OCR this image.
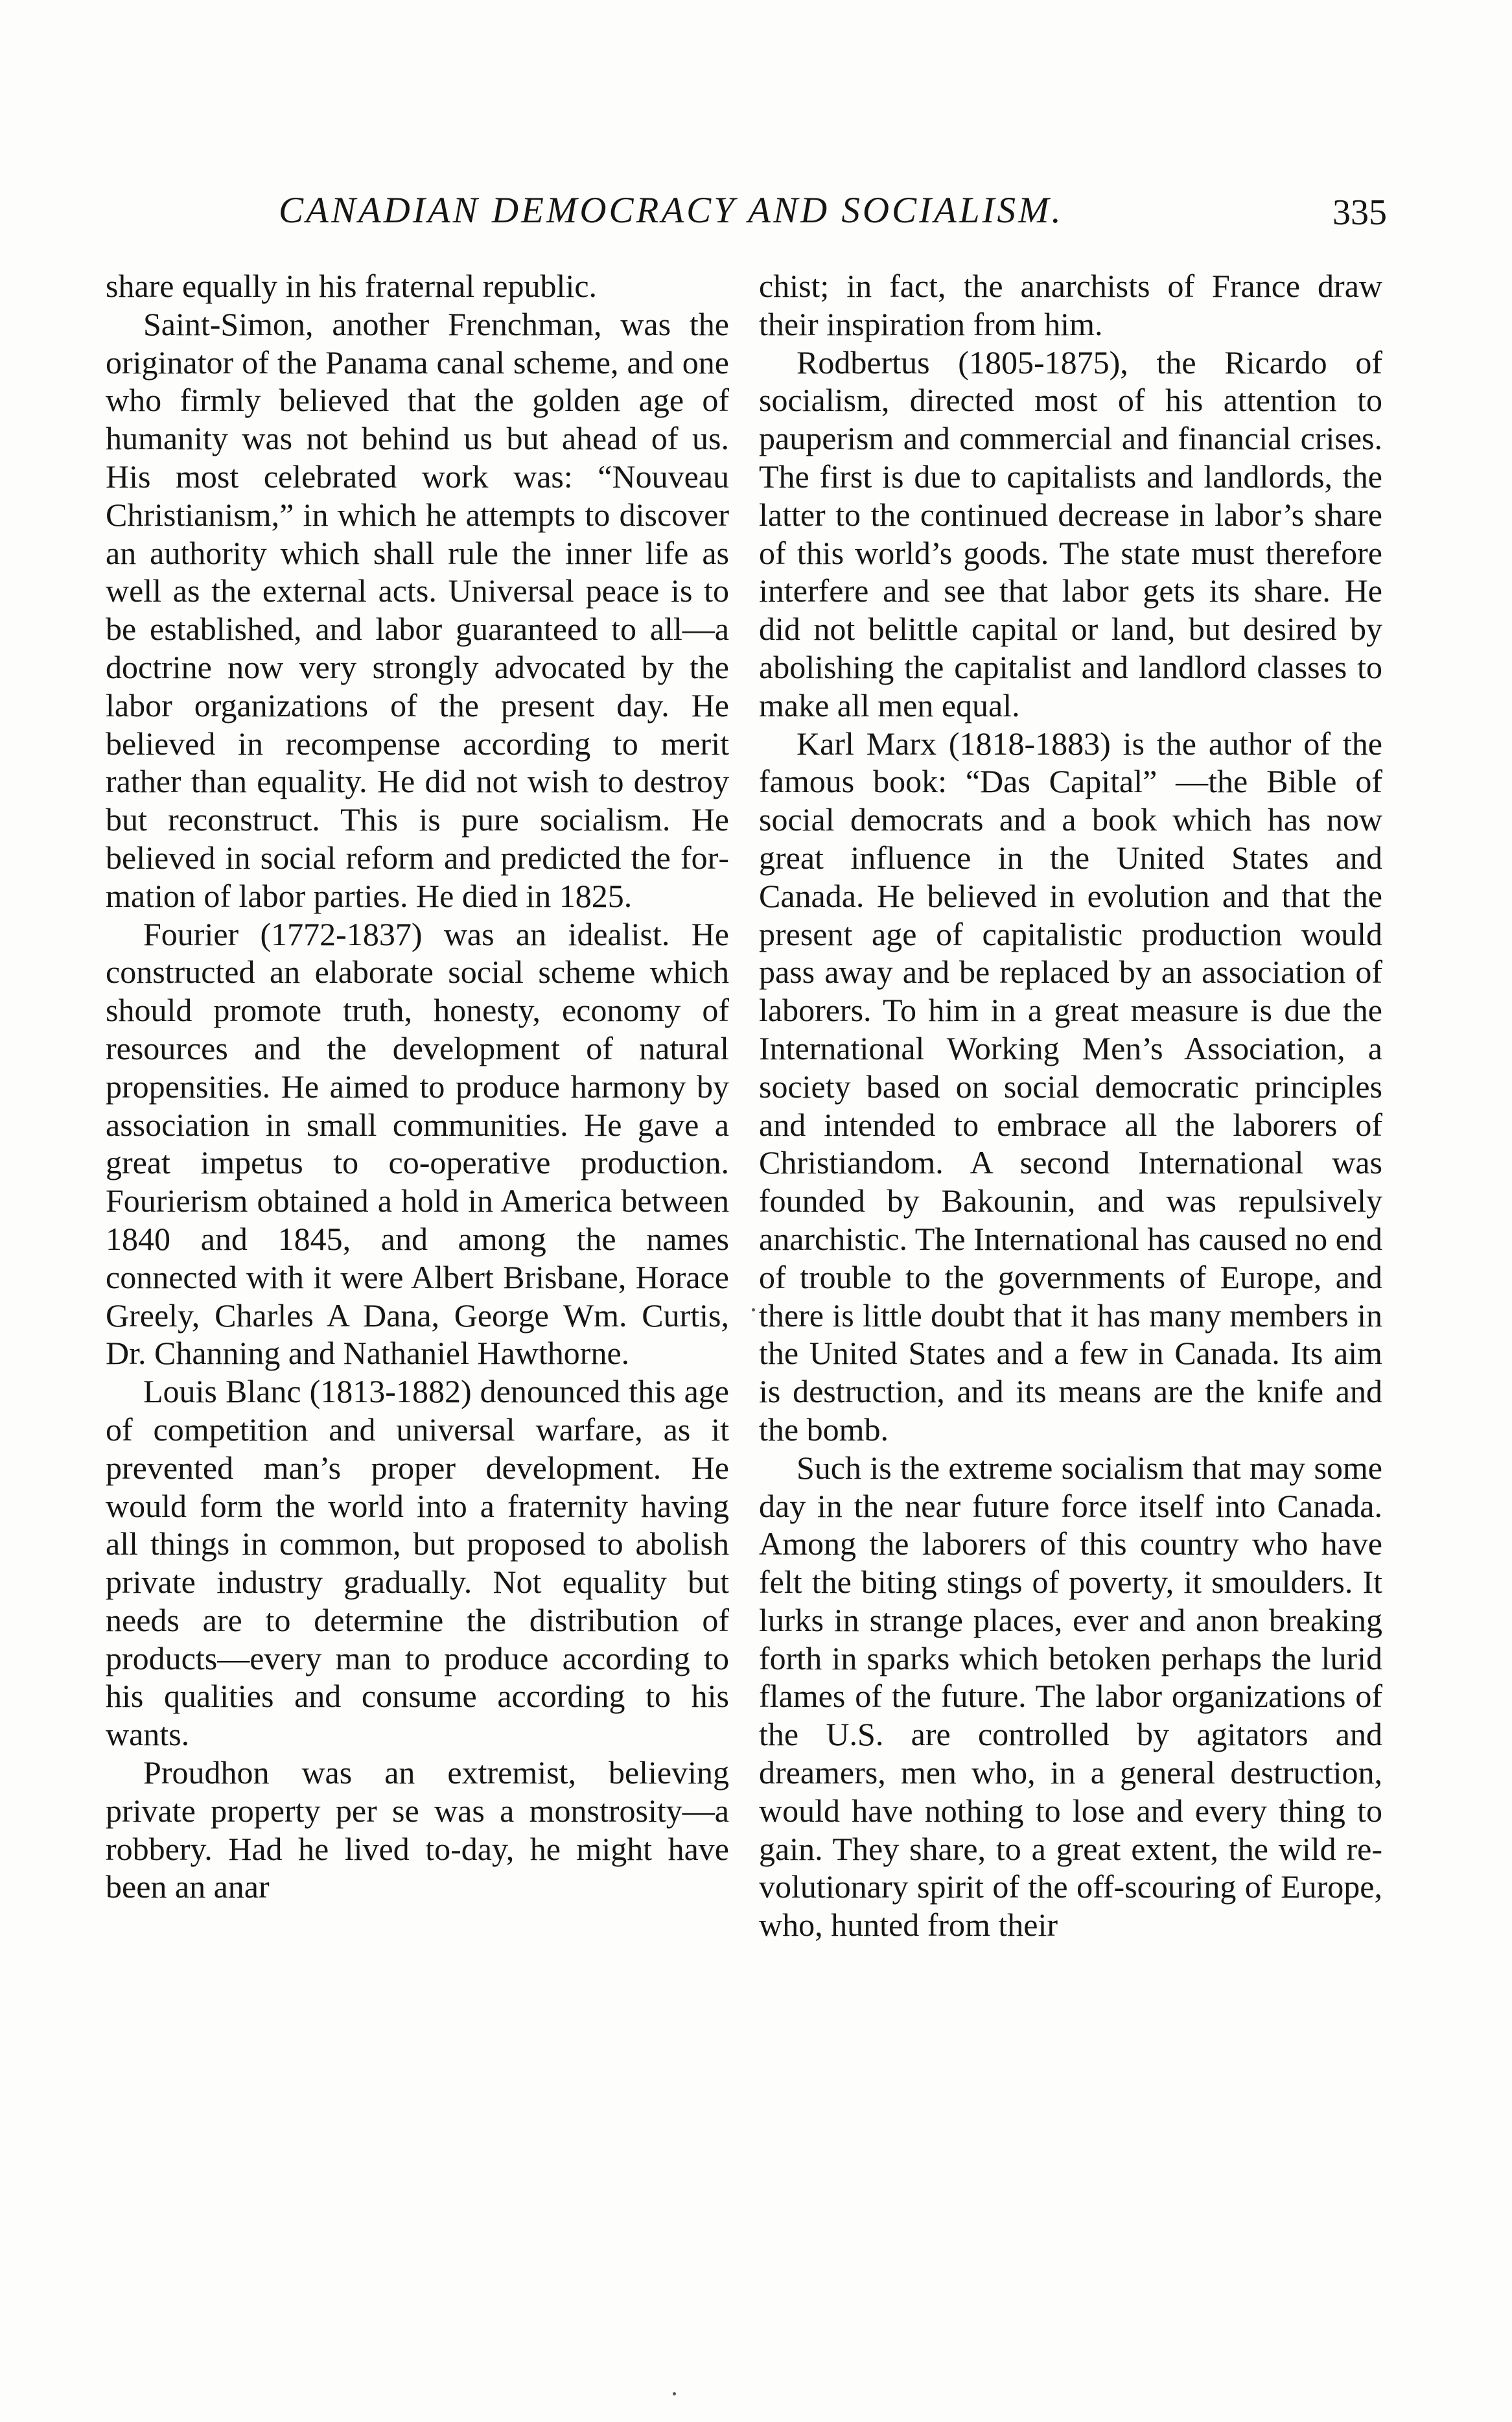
CANADIAN DEMOCRACY AND SOCIALISM.	335

share equally in his fraternal republic.

Saint-Simon, another Frenchman, was the originator of the Panama canal scheme, and one who firmly believed that the golden age of humanity was not behind us but ahead of us. His most celebrated work was: “Nouveau Christianism,” in which he attempts to discover an authority which shall rule the inner life as well as the external acts. Universal peace is to be established, and labor guaranteed to all—a doctrine now very strongly advocated by the labor organizations of the present day. He believed in recompense according to merit rather than equality. He did not wish to destroy but reconstruct. This is pure socialism. He believed in social reform and predicted the formation of labor parties. He died in 1825.

Fourier (1772-1837) was an idealist. He constructed an elaborate social scheme which should promote truth, honesty, economy of resources and the development of natural propensities. He aimed to produce harmony by association in small communities. He gave a great impetus to co-operative production. Fourierism obtained a hold in America between 1840 and 1845, and among the names connected with it were Albert Brisbane, Horace Greely, Charles A Dana, George Wm. Curtis, Dr. Channing and Nathaniel Hawthorne.

Louis Blanc (1813-1882) denounced this age of competition and universal warfare, as it prevented man’s proper development. He would form the world into a fraternity having all things in common, but proposed to abolish private industry gradually. Not equality but needs are to determine the distribution of products—every man to produce according to his qualities and consume according to his wants.

Proudhon was an extremist, believing private property per se was a monstrosity—a robbery. Had he lived to-day, he might have been an anar

chist; in fact, the anarchists of France draw their inspiration from him.

Rodbertus (1805-1875), the Ricardo of socialism, directed most of his attention to pauperism and commercial and financial crises. The first is due to capitalists and landlords, the latter to the continued decrease in labor’s share of this world’s goods. The state must therefore interfere and see that labor gets its share. He did not belittle capital or land, but desired by abolishing the capitalist and landlord classes to make all men equal.

Karl Marx (1818-1883) is the author of the famous book: “Das Capital” —the Bible of social democrats and a book which has now great influence in the United States and Canada. He believed in evolution and that the present age of capitalistic production would pass away and be replaced by an association of laborers. To him in a great measure is due the International Working Men’s Association, a society based on social democratic principles and intended to embrace all the laborers of Christiandom. A second International was founded by Bakounin, and was repulsively anarchistic. The International has caused no end of trouble to the governments of Europe, and there is little doubt that it has many members in the United States and a few in Canada. Its aim is destruction, and its means are the knife and the bomb.

Such is the extreme socialism that may some day in the near future force itself into Canada. Among the laborers of this country who have felt the biting stings of poverty, it smoulders. It lurks in strange places, ever and anon breaking forth in sparks which betoken perhaps the lurid flames of the future. The labor organizations of the U.S. are controlled by agitators and dreamers, men who, in a general destruction, would have nothing to lose and every thing to gain. They share, to a great extent, the wild revolutionary spirit of the off-scouring of Europe, who, hunted from their
